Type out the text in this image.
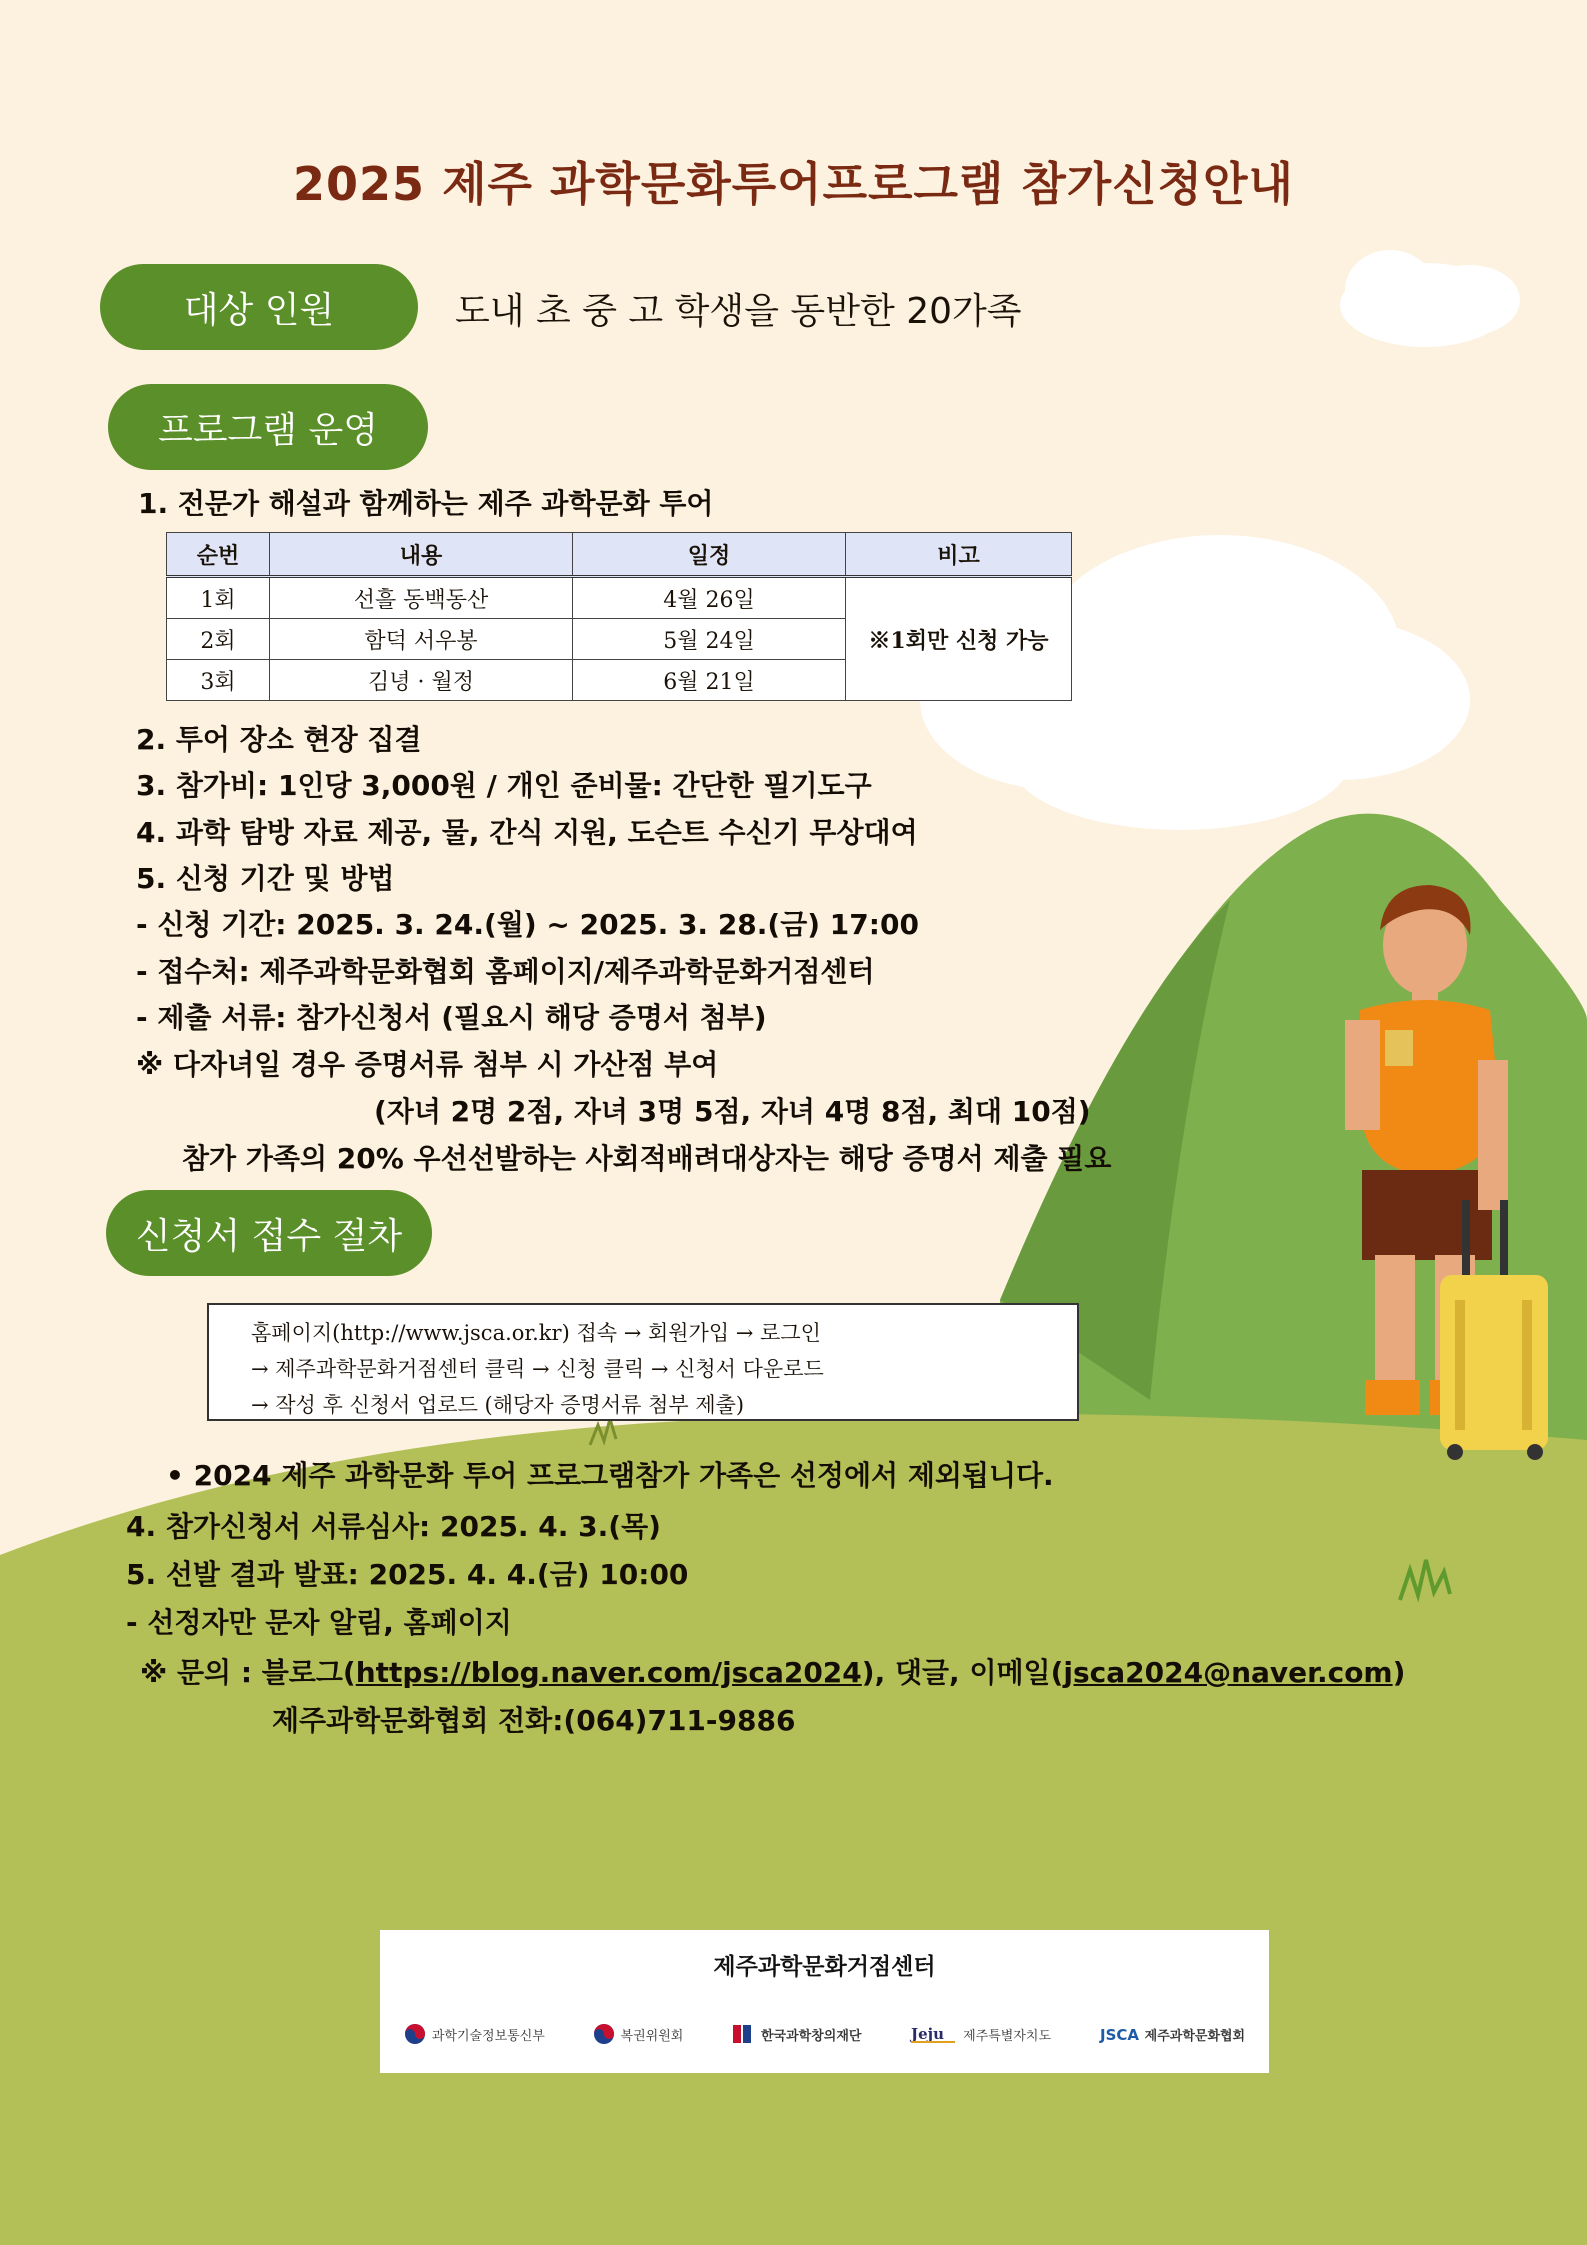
2025 제주 과학문화투어프로그램 참가신청안내
대상 인원	도내 초 중 고 학생을 동반한 20가족
프로그램 운영
1. 전문가 해설과 함께하는 제주 과학문화 투어
순번	내용	일정	비고
1회	선흘 동백동산	4월 26일	※1회만 신청 가능
2회	함덕 서우봉	5월 24일	
3회	김녕 · 월정	6월 21일	
2. 투어 장소 현장 집결
3. 참가비: 1인당 3,000원 / 개인 준비물: 간단한 필기도구
4. 과학 탐방 자료 제공, 물, 간식 지원, 도슨트 수신기 무상대여
5. 신청 기간 및 방법
- 신청 기간: 2025. 3. 24.(월) ~ 2025. 3. 28.(금) 17:00
- 접수처: 제주과학문화협회 홈페이지/제주과학문화거점센터
- 제출 서류: 참가신청서 (필요시 해당 증명서 첨부)
※ 다자녀일 경우 증명서류 첨부 시 가산점 부여
(자녀 2명 2점, 자녀 3명 5점, 자녀 4명 8점, 최대 10점)
참가 가족의 20% 우선선발하는 사회적배려대상자는 해당 증명서 제출 필요
신청서 접수 절차
홈페이지(http://www.jsca.or.kr) 접속 → 회원가입 → 로그인
→ 제주과학문화거점센터 클릭 → 신청 클릭 → 신청서 다운로드
→ 작성 후 신청서 업로드 (해당자 증명서류 첨부 제출)
• 2024 제주 과학문화 투어 프로그램참가 가족은 선정에서 제외됩니다.
4. 참가신청서 서류심사: 2025. 4. 3.(목)
5. 선발 결과 발표: 2025. 4. 4.(금) 10:00
- 선정자만 문자 알림, 홈페이지
※ 문의 : 블로그(https://blog.naver.com/jsca2024), 댓글, 이메일(jsca2024@naver.com)
제주과학문화협회 전화:(064)711-9886
제주과학문화거점센터
과학기술정보통신부	복권위원회	한국과학창의재단	Jeju 제주특별자치도	JSCA 제주과학문화협회
